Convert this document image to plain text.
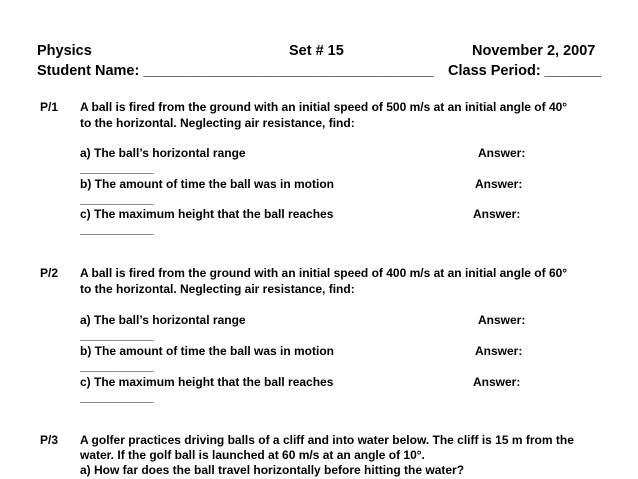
Physics	Set # 15	November 2, 2007
Student Name: ____________________________________ Class Period: _______
P/1 A ball is fired from the ground with an initial speed of 500 m/s at an initial angle of 40°
to the horizontal. Neglecting air resistance, find:
a) The ball’s horizontal range	Answer:
___________
b) The amount of time the ball was in motion	Answer:
___________
c) The maximum height that the ball reaches	Answer:
___________
P/2 A ball is fired from the ground with an initial speed of 400 m/s at an initial angle of 60°
to the horizontal. Neglecting air resistance, find:
a) The ball’s horizontal range	Answer:
___________
b) The amount of time the ball was in motion	Answer:
___________
c) The maximum height that the ball reaches	Answer:
___________
P/3 A golfer practices driving balls of a cliff and into water below. The cliff is 15 m from the
water. If the golf ball is launched at 60 m/s at an angle of 10°.
a) How far does the ball travel horizontally before hitting the water?
